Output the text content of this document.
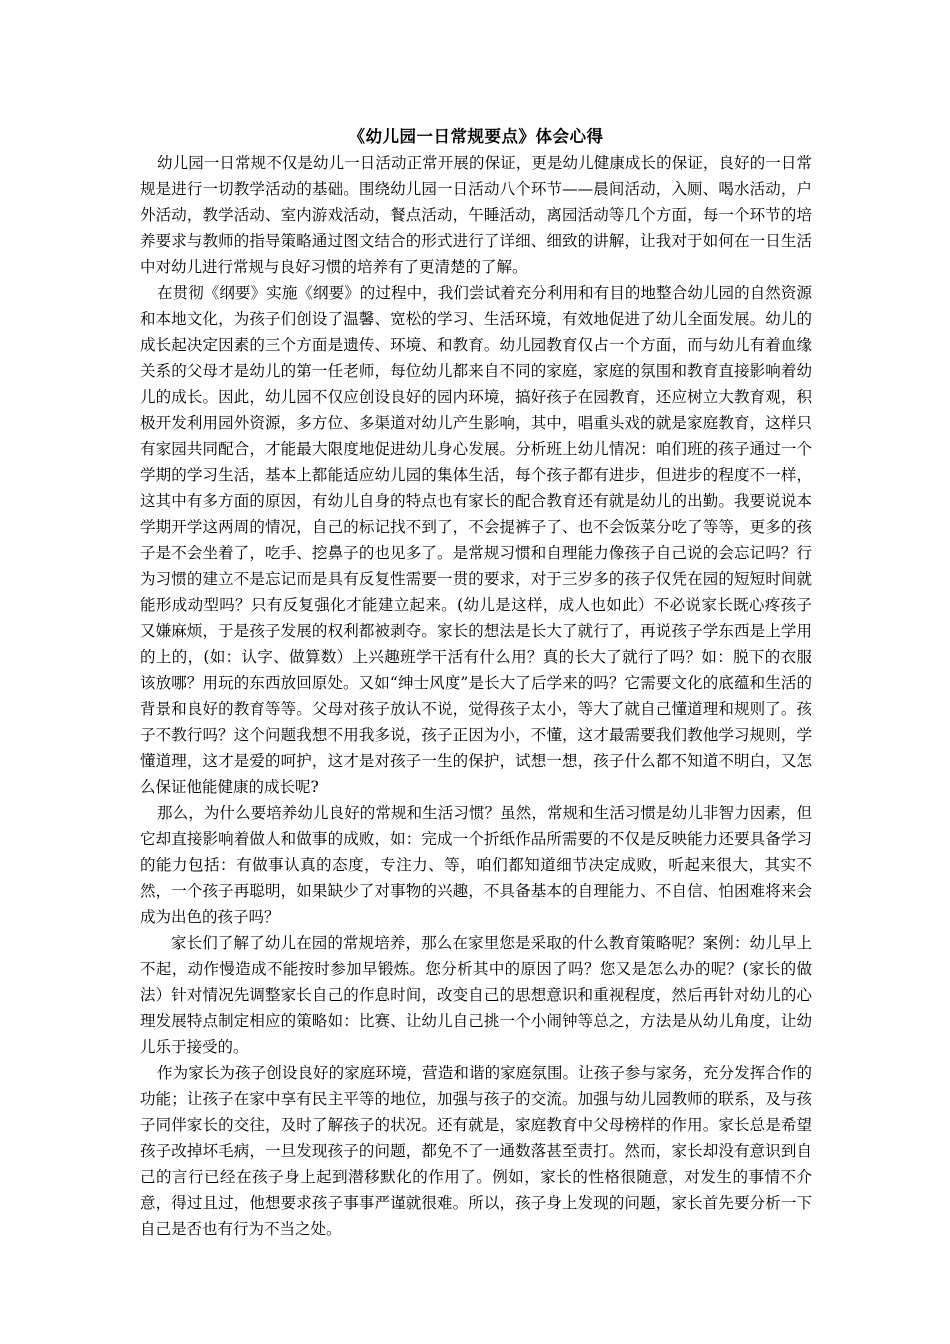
《幼儿园一日常规要点》体会心得

幼儿园一日常规不仅是幼儿一日活动正常开展的保证，更是幼儿健康成长的保证，良好的一日常规是进行一切教学活动的基础。围绕幼儿园一日活动八个环节——晨间活动，入厕、喝水活动，户外活动，教学活动、室内游戏活动，餐点活动，午睡活动，离园活动等几个方面，每一个环节的培养要求与教师的指导策略通过图文结合的形式进行了详细、细致的讲解，让我对于如何在一日生活中对幼儿进行常规与良好习惯的培养有了更清楚的了解。

在贯彻《纲要》实施《纲要》的过程中，我们尝试着充分利用和有目的地整合幼儿园的自然资源和本地文化，为孩子们创设了温馨、宽松的学习、生活环境，有效地促进了幼儿全面发展。幼儿的成长起决定因素的三个方面是遗传、环境、和教育。幼儿园教育仅占一个方面，而与幼儿有着血缘关系的父母才是幼儿的第一任老师，每位幼儿都来自不同的家庭，家庭的氛围和教育直接影响着幼儿的成长。因此，幼儿园不仅应创设良好的园内环境，搞好孩子在园教育，还应树立大教育观，积极开发利用园外资源，多方位、多渠道对幼儿产生影响，其中，唱重头戏的就是家庭教育，这样只有家园共同配合，才能最大限度地促进幼儿身心发展。分析班上幼儿情况：咱们班的孩子通过一个学期的学习生活，基本上都能适应幼儿园的集体生活，每个孩子都有进步，但进步的程度不一样，这其中有多方面的原因，有幼儿自身的特点也有家长的配合教育还有就是幼儿的出勤。我要说说本学期开学这两周的情况，自己的标记找不到了，不会提裤子了、也不会饭菜分吃了等等，更多的孩子是不会坐着了，吃手、挖鼻子的也见多了。是常规习惯和自理能力像孩子自己说的会忘记吗？行为习惯的建立不是忘记而是具有反复性需要一贯的要求，对于三岁多的孩子仅凭在园的短短时间就能形成动型吗？只有反复强化才能建立起来。(幼儿是这样，成人也如此）不必说家长既心疼孩子又嫌麻烦，于是孩子发展的权利都被剥夺。家长的想法是长大了就行了，再说孩子学东西是上学用的上的，(如：认字、做算数）上兴趣班学干活有什么用？真的长大了就行了吗？如：脱下的衣服该放哪？用玩的东西放回原处。又如“绅士风度”是长大了后学来的吗？它需要文化的底蕴和生活的背景和良好的教育等等。父母对孩子放认不说，觉得孩子太小，等大了就自己懂道理和规则了。孩子不教行吗？这个问题我想不用我多说，孩子正因为小，不懂，这才最需要我们教他学习规则，学懂道理，这才是爱的呵护，这才是对孩子一生的保护，试想一想，孩子什么都不知道不明白，又怎么保证他能健康的成长呢?

那么，为什么要培养幼儿良好的常规和生活习惯？虽然，常规和生活习惯是幼儿非智力因素，但它却直接影响着做人和做事的成败，如：完成一个折纸作品所需要的不仅是反映能力还要具备学习的能力包括：有做事认真的态度，专注力、等，咱们都知道细节决定成败，听起来很大，其实不然，一个孩子再聪明，如果缺少了对事物的兴趣，不具备基本的自理能力、不自信、怕困难将来会成为出色的孩子吗？

家长们了解了幼儿在园的常规培养，那么在家里您是采取的什么教育策略呢？案例：幼儿早上不起，动作慢造成不能按时参加早锻炼。您分析其中的原因了吗？您又是怎么办的呢？(家长的做法）针对情况先调整家长自己的作息时间，改变自己的思想意识和重视程度，然后再针对幼儿的心理发展特点制定相应的策略如：比赛、让幼儿自己挑一个小闹钟等总之，方法是从幼儿角度，让幼儿乐于接受的。

作为家长为孩子创设良好的家庭环境，营造和谐的家庭氛围。让孩子参与家务，充分发挥合作的功能；让孩子在家中享有民主平等的地位，加强与孩子的交流。加强与幼儿园教师的联系，及与孩子同伴家长的交往，及时了解孩子的状况。还有就是，家庭教育中父母榜样的作用。家长总是希望孩子改掉坏毛病，一旦发现孩子的问题，都免不了一通数落甚至责打。然而，家长却没有意识到自己的言行已经在孩子身上起到潜移默化的作用了。例如，家长的性格很随意，对发生的事情不介意，得过且过，他想要求孩子事事严谨就很难。所以，孩子身上发现的问题，家长首先要分析一下自己是否也有行为不当之处。
